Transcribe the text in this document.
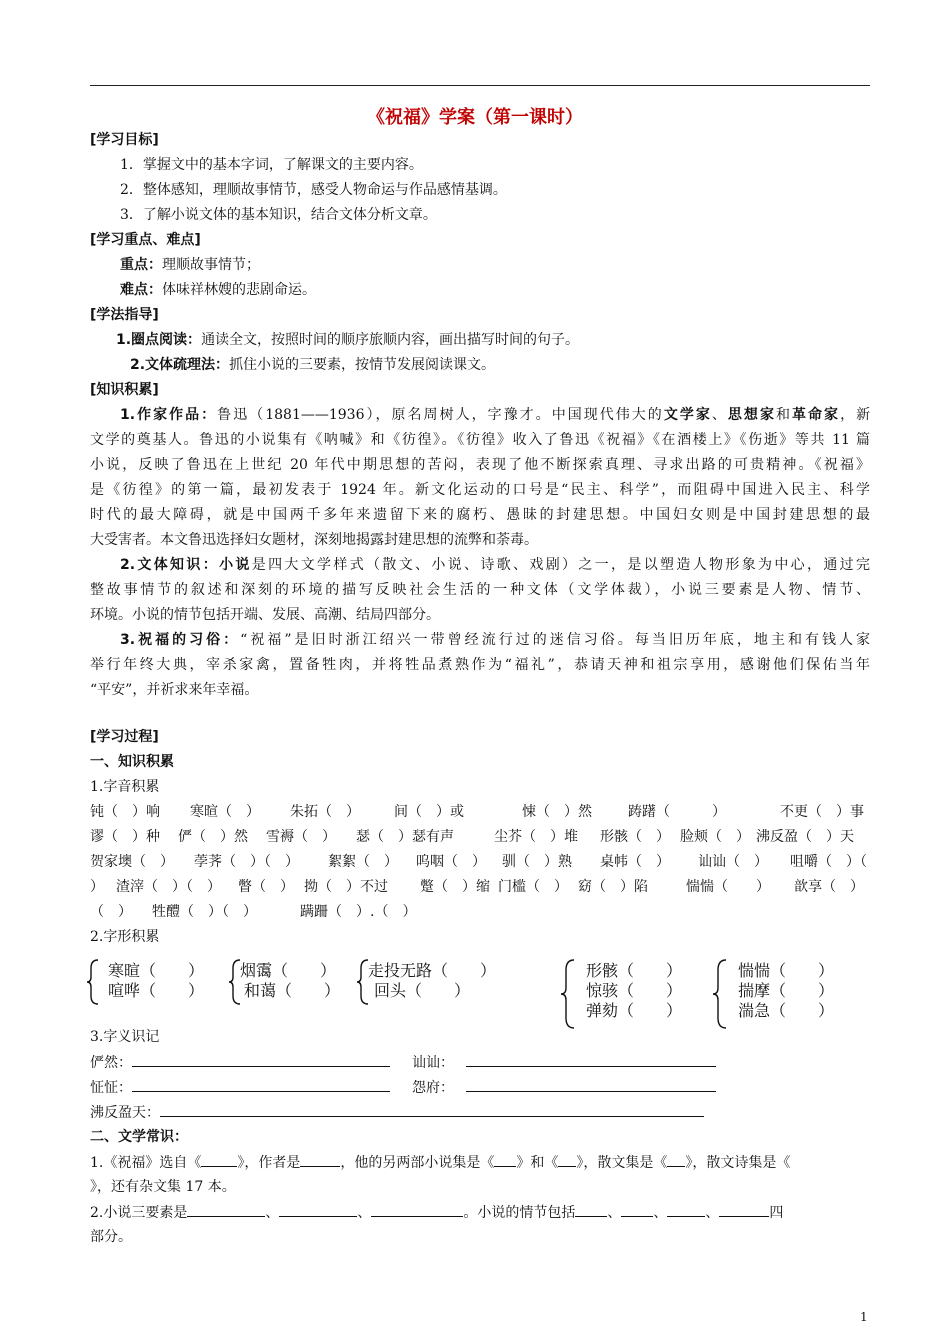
《祝福》学案（第一课时）
[学习目标]
1．掌握文中的基本字词，了解课文的主要内容。
2．整体感知，理顺故事情节，感受人物命运与作品感情基调。
3．了解小说文体的基本知识，结合文体分析文章。
[学习重点、难点]
重点：理顺故事情节；
难点：体味祥林嫂的悲剧命运。
[学法指导]
1.圈点阅读：通读全文，按照时间的顺序旅顺内容，画出描写时间的句子。
2.文体疏理法：抓住小说的三要素，按情节发展阅读课文。
[知识积累]
1.作家作品：鲁迅（1881——1936），原名周树人，字豫才。中国现代伟大的文学家、思想家和革命家，新
文学的奠基人。鲁迅的小说集有《呐喊》和《彷徨》。《彷徨》收入了鲁迅《祝福》《在酒楼上》《伤逝》等共 11 篇
小说，反映了鲁迅在上世纪 20 年代中期思想的苦闷，表现了他不断探索真理、寻求出路的可贵精神。《祝福》
是《彷徨》的第一篇，最初发表于 1924 年。新文化运动的口号是“民主、科学”，而阻碍中国进入民主、科学
时代的最大障碍，就是中国两千多年来遗留下来的腐朽、愚昧的封建思想。中国妇女则是中国封建思想的最
大受害者。本文鲁迅选择妇女题材，深刻地揭露封建思想的流弊和荼毒。
2.文体知识：小说是四大文学样式（散文、小说、诗歌、戏剧）之一，是以塑造人物形象为中心，通过完
整故事情节的叙述和深刻的环境的描写反映社会生活的一种文体（文学体裁），小说三要素是人物、情节、
环境。小说的情节包括开端、发展、高潮、结局四部分。
3.祝福的习俗：“祝福”是旧时浙江绍兴一带曾经流行过的迷信习俗。每当旧历年底，地主和有钱人家
举行年终大典，宰杀家禽，置备牲肉，并将牲品煮熟作为“福礼”，恭请天神和祖宗享用，感谢他们保佑当年
“平安”，并祈求来年幸福。
[学习过程]
一、知识积累
1.字音积累
钝（　）响 寒暄（　） 朱拓（　） 间（　）或	悚（　）然	踌躇（　　　）	不更（　）事
谬（　）种 俨（　）然 雪褥（　） 瑟（　）瑟有声	尘芥（　）堆 形骸（　） 脸颊（　） 沸反盈（　）天
贺家墺（　） 荸荠（　）（　） 絮絮（　） 呜咽（　） 驯（　）熟 桌帏（　） 讪讪（　） 咀嚼（　）（
） 渣滓（　）（　） 瞥（　） 拗（　）不过 蹩（　）缩 门槛（　） 窈（　）陷	惴惴（　　） 歆享（　）
（　） 牲醴（　）（　）	蹒跚（　）.（　）
2.字形积累
寒暄（　　）
喧哗（　　）
烟霭（　　）
和蔼（　　）
走投无路（　　）
回头（　　）
形骸（　　）
惊骇（　　）
弹劾（　　）
惴惴（　　）
揣摩（　　）
湍急（　　）
3.字义识记
俨然：	讪讪：
怔怔：	怨府：
沸反盈天：
二、文学常识：
1.《祝福》选自《	》，作者是	，他的另两部小说集是《 》和《 》，散文集是《 》，散文诗集是《
》，还有杂文集 17 本。
2.小说三要素是	、	、	。小说的情节包括 、 、	、	四
部分。
1
